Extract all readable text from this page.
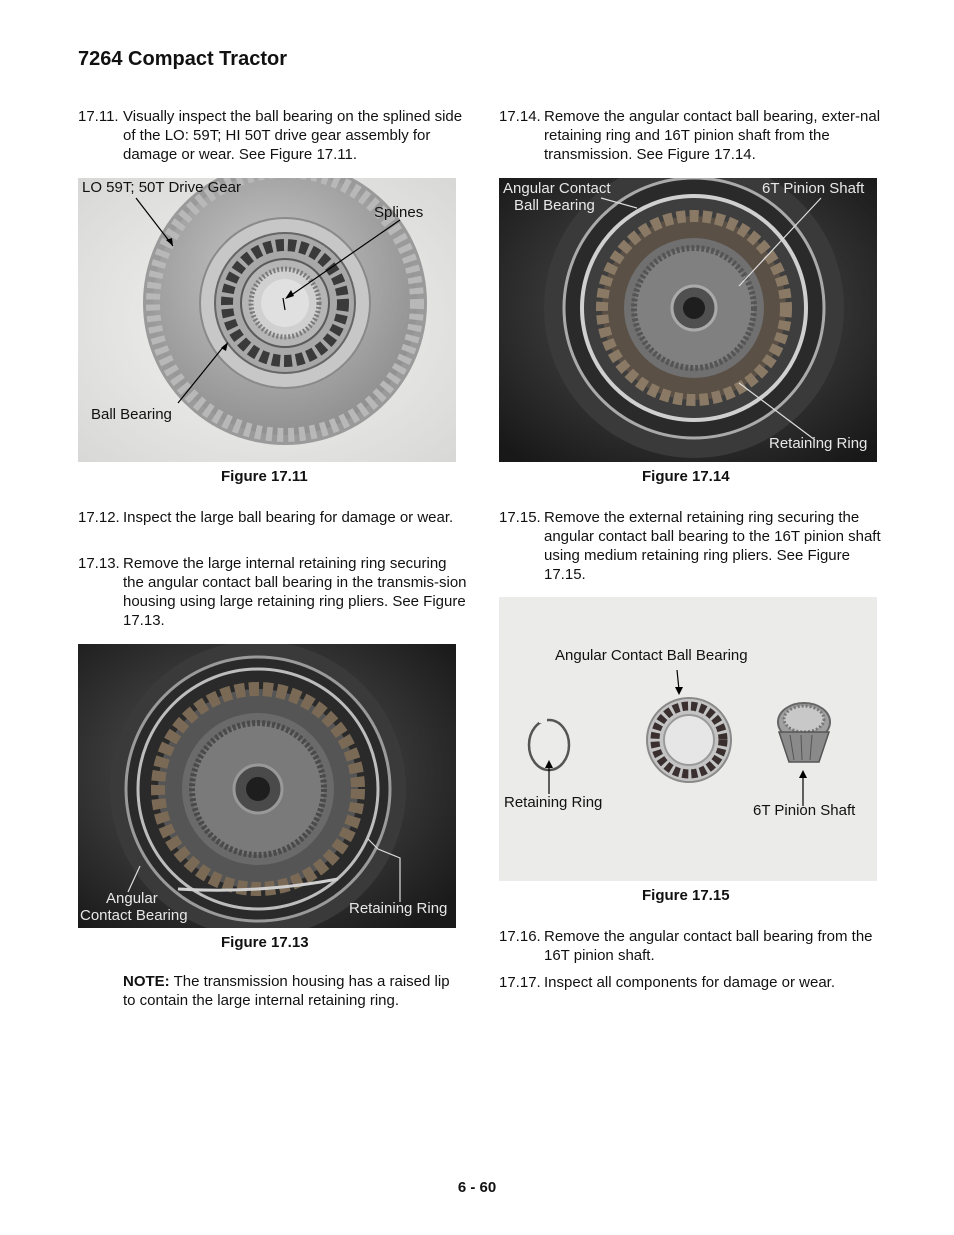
7264 Compact Tractor
17.11. Visually inspect the ball bearing on the splined side of the LO: 59T; HI 50T drive gear assembly for damage or wear. See Figure 17.11.
LO 59T; 50T Drive Gear
Splines
Ball Bearing
Figure 17.11
17.12. Inspect the large ball bearing for damage or wear.
17.13. Remove the large internal retaining ring securing the angular contact ball bearing in the transmis-sion housing using large retaining ring pliers. See Figure 17.13.
Angular
Contact Bearing	Retaining Ring
Figure 17.13
NOTE: The transmission housing has a raised lip to contain the large internal retaining ring.
17.14. Remove the angular contact ball bearing, exter-nal retaining ring and 16T pinion shaft from the transmission. See Figure 17.14.
Angular Contact
Ball Bearing
6T Pinion Shaft
Retaining Ring
Figure 17.14
17.15. Remove the external retaining ring securing the angular contact ball bearing to the 16T pinion shaft using medium retaining ring pliers. See Figure 17.15.
Angular Contact Ball Bearing
Retaining Ring	6T Pinion Shaft
Figure 17.15
17.16. Remove the angular contact ball bearing from the 16T pinion shaft.
17.17. Inspect all components for damage or wear.
6 - 60
